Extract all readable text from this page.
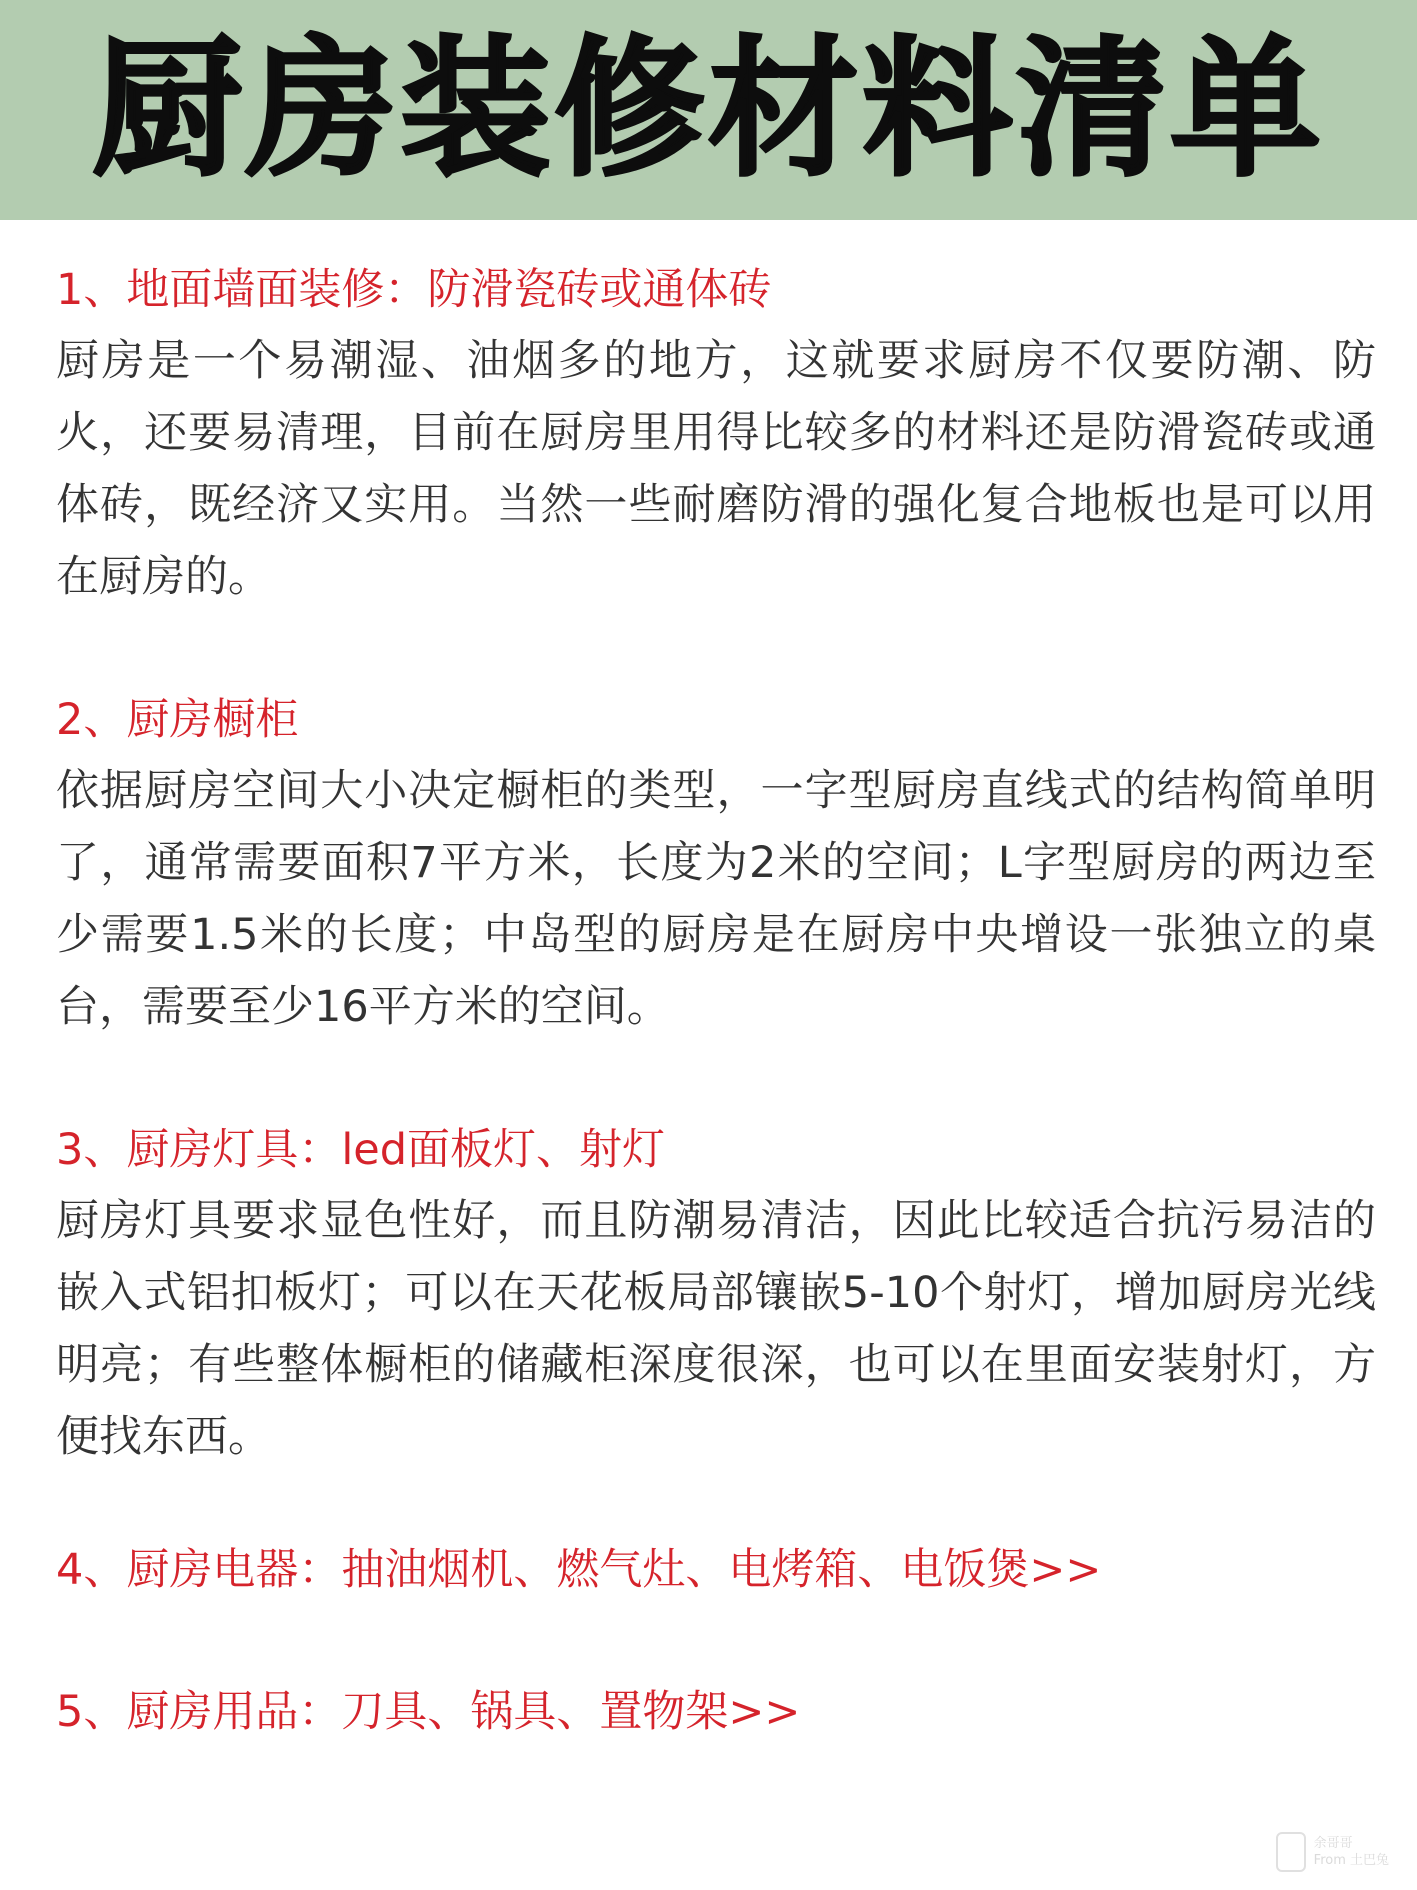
厨房装修材料清单

1、地面墙面装修：防滑瓷砖或通体砖

厨房是一个易潮湿、油烟多的地方，这就要求厨房不仅要防潮、防火，还要易清理，目前在厨房里用得比较多的材料还是防滑瓷砖或通体砖，既经济又实用。当然一些耐磨防滑的强化复合地板也是可以用在厨房的。

2、厨房橱柜

依据厨房空间大小决定橱柜的类型，一字型厨房直线式的结构简单明了，通常需要面积7平方米，长度为2米的空间；L字型厨房的两边至少需要1.5米的长度；中岛型的厨房是在厨房中央增设一张独立的桌台，需要至少16平方米的空间。

3、厨房灯具：led面板灯、射灯

厨房灯具要求显色性好，而且防潮易清洁，因此比较适合抗污易洁的嵌入式铝扣板灯；可以在天花板局部镶嵌5-10个射灯，增加厨房光线明亮；有些整体橱柜的储藏柜深度很深，也可以在里面安装射灯，方便找东西。

4、厨房电器：抽油烟机、燃气灶、电烤箱、电饭煲>>

5、厨房用品：刀具、锅具、置物架>>

余哥哥
From 土巴兔
